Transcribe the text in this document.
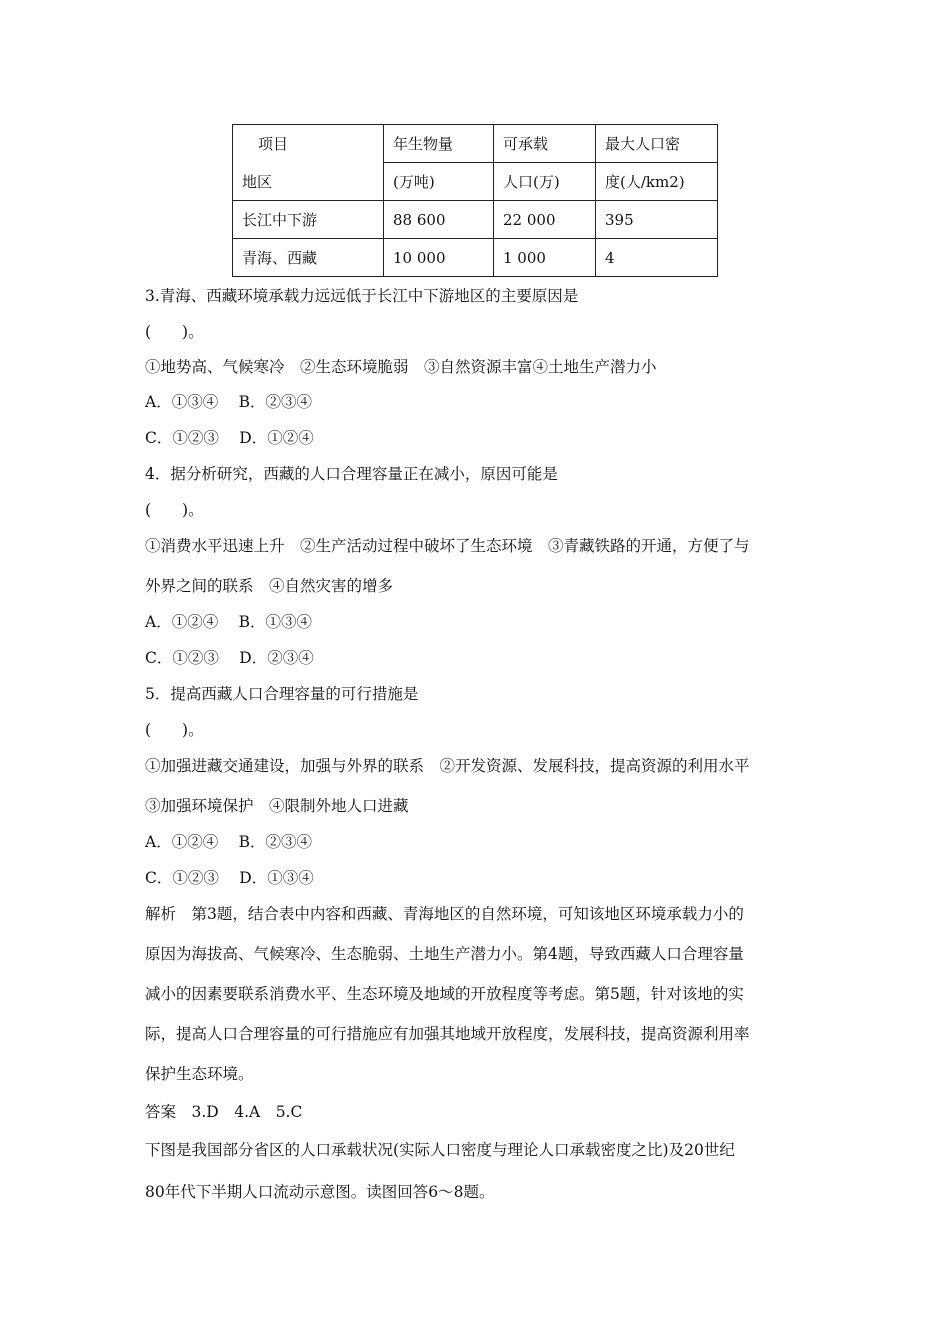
项目	年生物量	可承载	最大人口密
地区	(万吨)	人口(万)	度(人/km2)
长江中下游	88 600	22 000	395
青海、西藏	10 000	1 000	4
3.青海、西藏环境承载力远远低于长江中下游地区的主要原因是
(　　)。
①地势高、气候寒冷　②生态环境脆弱　③自然资源丰富④土地生产潜力小
A．①③④　 B．②③④
C．①②③　 D．①②④
4．据分析研究，西藏的人口合理容量正在减小，原因可能是
(　　)。
①消费水平迅速上升　②生产活动过程中破坏了生态环境　③青藏铁路的开通，方便了与
外界之间的联系　④自然灾害的增多
A．①②④　 B．①③④
C．①②③　 D．②③④
5．提高西藏人口合理容量的可行措施是
(　　)。
①加强进藏交通建设，加强与外界的联系　②开发资源、发展科技，提高资源的利用水平
③加强环境保护　④限制外地人口进藏
A．①②④　 B．②③④
C．①②③　 D．①③④
解析　第3题，结合表中内容和西藏、青海地区的自然环境，可知该地区环境承载力小的
原因为海拔高、气候寒冷、生态脆弱、土地生产潜力小。第4题，导致西藏人口合理容量
减小的因素要联系消费水平、生态环境及地域的开放程度等考虑。第5题，针对该地的实
际，提高人口合理容量的可行措施应有加强其地域开放程度，发展科技，提高资源利用率
保护生态环境。
答案　3.D　4.A　5.C
下图是我国部分省区的人口承载状况(实际人口密度与理论人口承载密度之比)及20世纪
80年代下半期人口流动示意图。读图回答6～8题。
